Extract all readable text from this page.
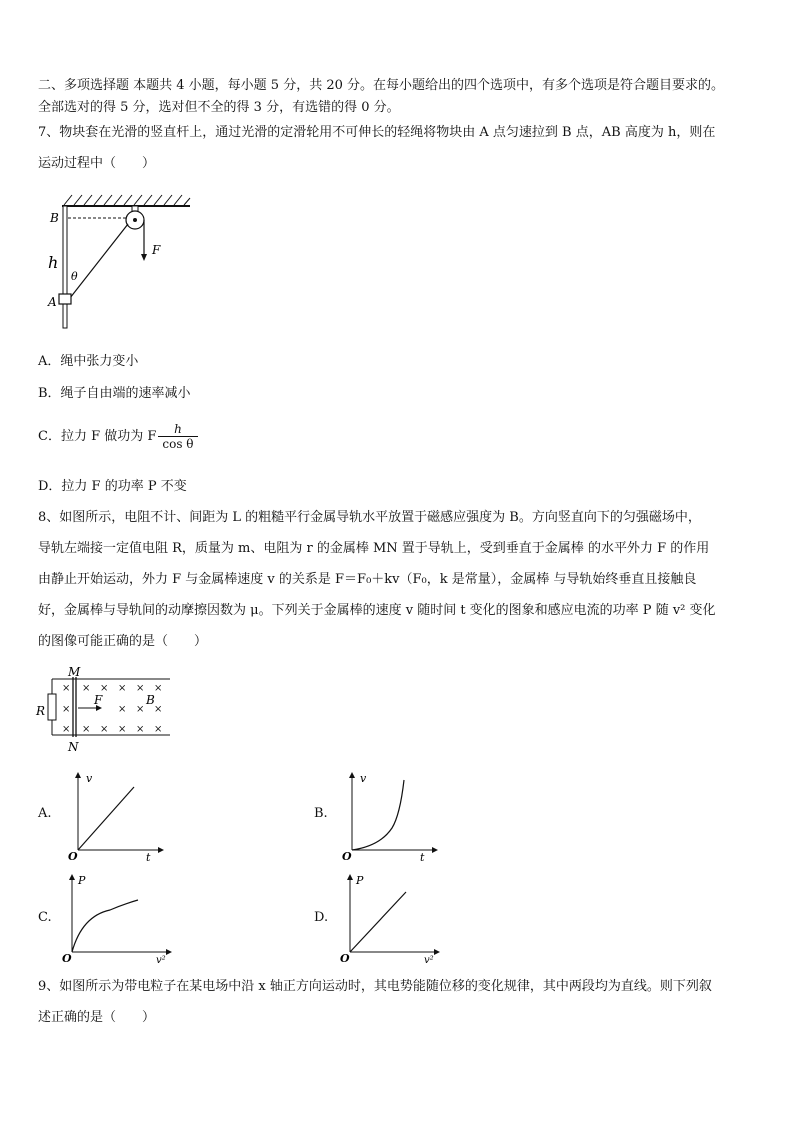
二、多项选择题 本题共 4 小题，每小题 5 分，共 20 分。在每小题给出的四个选项中，有多个选项是符合题目要求的。
全部选对的得 5 分，选对但不全的得 3 分，有选错的得 0 分。
7、物块套在光滑的竖直杆上，通过光滑的定滑轮用不可伸长的轻绳将物块由 A 点匀速拉到 B 点，AB 高度为 h，则在
运动过程中（　　）
B
h
θ
A
F
A．绳中张力变小
B．绳子自由端的速率减小
C．拉力 F 做功为 F $\frac{h}{\text{cos θ}}$
D．拉力 F 的功率 P 不变
8、如图所示，电阻不计、间距为 L 的粗糙平行金属导轨水平放置于磁感应强度为 B。方向竖直向下的匀强磁场中，
导轨左端接一定值电阻 R，质量为 m、电阻为 r 的金属棒 MN 置于导轨上，受到垂直于金属棒 的水平外力 F 的作用
由静止开始运动，外力 F 与金属棒速度 v 的关系是 F＝F₀＋kv（F₀，k 是常量），金属棒 与导轨始终垂直且接触良
好，金属棒与导轨间的动摩擦因数为 μ。下列关于金属棒的速度 v 随时间 t 变化的图象和感应电流的功率 P 随 v² 变化
的图像可能正确的是（　　）
× × × × × ×
×	× × ×
× × × × × ×
M
N
R
F	B
A.
v
O	t
B.
v
O	t
C.
P
O	v²
D.
P
O	v²
9、如图所示为带电粒子在某电场中沿 x 轴正方向运动时，其电势能随位移的变化规律，其中两段均为直线。则下列叙
述正确的是（　　）
